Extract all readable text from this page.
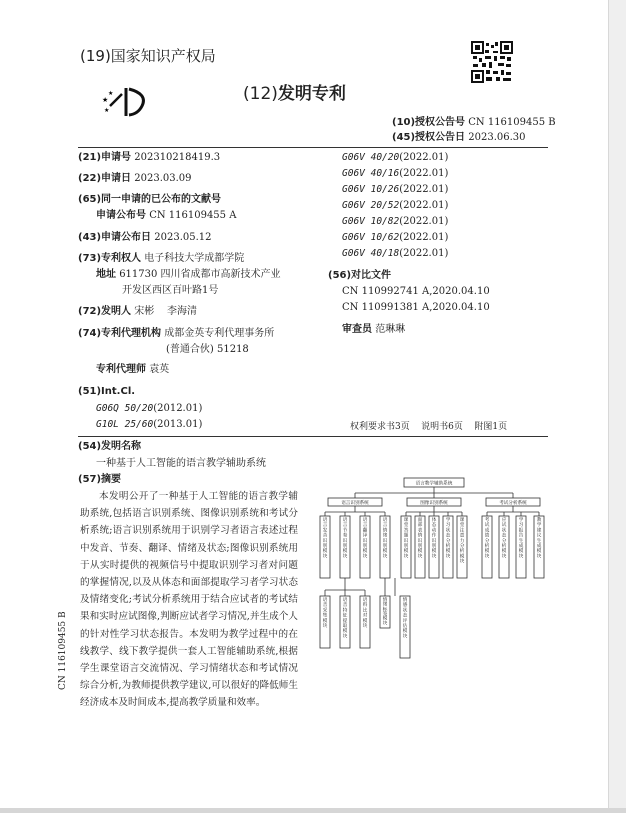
(19)国家知识产权局
★
★
★
(12)发明专利
(10)授权公告号 CN 116109455 B
(45)授权公告日 2023.06.30
(21)申请号 202310218419.3
(22)申请日 2023.03.09
(65)同一申请的已公布的文献号
申请公布号 CN 116109455 A
(43)申请公布日 2023.05.12
(73)专利权人 电子科技大学成都学院
地址 611730 四川省成都市高新技术产业
开发区西区百叶路1号
(72)发明人 宋彬    李海清
(74)专利代理机构 成都金英专利代理事务所
(普通合伙) 51218
专利代理师 袁英
(51)Int.Cl.
G06Q 50/20(2012.01)
G10L 25/60(2013.01)
G06V 40/20(2022.01)
G06V 40/16(2022.01)
G06V 10/26(2022.01)
G06V 20/52(2022.01)
G06V 10/82(2022.01)
G06V 10/62(2022.01)
G06V 40/18(2022.01)
(56)对比文件
CN 110992741 A,2020.04.10
CN 110991381 A,2020.04.10
审查员 范琳琳
权利要求书3页    说明书6页    附图1页
(54)发明名称
一种基于人工智能的语言教学辅助系统
(57)摘要
本发明公开了一种基于人工智能的语言教学辅助系统,包括语言识别系统、图像识别系统和考试分析系统;语言识别系统用于识别学习者语言表述过程中发音、节奏、翻译、情绪及状态;图像识别系统用于从实时提供的视频信号中提取识别学习者对问题的掌握情况,以及从体态和面部提取学习者学习状态及情绪变化;考试分析系统用于结合应试者的考试结果和实时应试图像,判断应试者学习情况,并生成个人的针对性学习状态报告。本发明为教学过程中的在线教学、线下教学提供一套人工智能辅助系统,根据学生课堂语言交流情况、学习情绪状态和考试情况综合分析,为教师提供教学建议,可以很好的降低师生经济成本及时间成本,提高教学质量和效率。
CN 116109455 B
语言教学辅助系统
语言识别系统	图像识别系统	考试分析系统
语
言
发
音
识
别
模
块
语
言
节
奏
识
别
模
块
语
言
翻
译
识
别
模
块
语
言
情
绪
识
别
模
块
课
堂
答
题
识
别
模
块
面
部
表
情
识
别
模
块
体
态
动
作
识
别
模
块
学
习
状
态
分
析
模
块
课
堂
注
意
力
分
析
模
块
考
试
成
绩
分
析
模
块
应
试
状
态
分
析
模
块
学
习
报
告
生
成
模
块
教
学
建
议
生
成
模
块
语
音
采
集
模
块
语
音
特
征
提
取
模
块
语
料
比
对
模
块
情
绪
标
签
模
块
情
感
状
态
评
估
模
块
